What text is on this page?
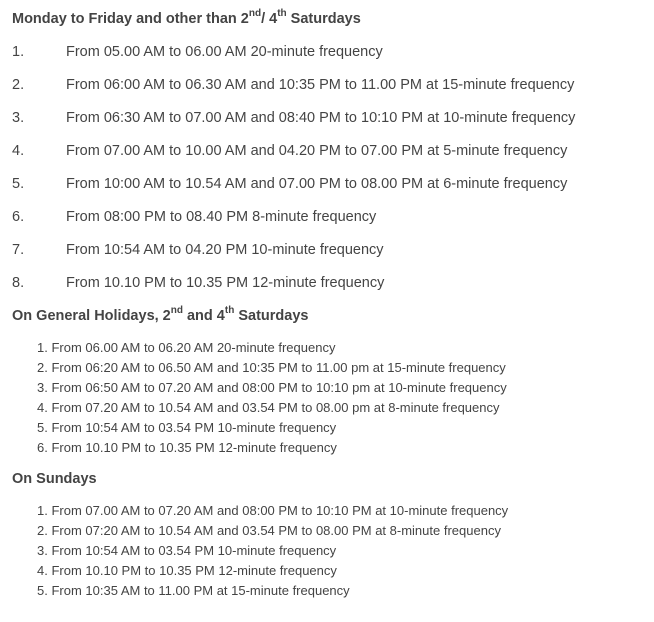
Monday to Friday and other than 2nd/ 4th Saturdays
1.	From 05.00 AM to 06.00 AM 20-minute frequency
2.	From 06:00 AM to 06.30 AM and 10:35 PM to 11.00 PM at 15-minute frequency
3.	From 06:30 AM to 07.00 AM and 08:40 PM to 10:10 PM at 10-minute frequency
4.	From 07.00 AM to 10.00 AM and 04.20 PM to 07.00 PM at 5-minute frequency
5.	From 10:00 AM to 10.54 AM and 07.00 PM to 08.00 PM at 6-minute frequency
6.	From 08:00 PM to 08.40 PM 8-minute frequency
7.	From 10:54 AM to 04.20 PM 10-minute frequency
8.	From 10.10 PM to 10.35 PM 12-minute frequency
On General Holidays, 2nd and 4th Saturdays
1. From 06.00 AM to 06.20 AM 20-minute frequency
2. From 06:20 AM to 06.50 AM and 10:35 PM to 11.00 pm at 15-minute frequency
3. From 06:50 AM to 07.20 AM and 08:00 PM to 10:10 pm at 10-minute frequency
4. From 07.20 AM to 10.54 AM and 03.54 PM to 08.00 pm at 8-minute frequency
5. From 10:54 AM to 03.54 PM 10-minute frequency
6. From 10.10 PM to 10.35 PM 12-minute frequency
On Sundays
1. From 07.00 AM to 07.20 AM and 08:00 PM to 10:10 PM at 10-minute frequency
2. From 07:20 AM to 10.54 AM and 03.54 PM to 08.00 PM at 8-minute frequency
3. From 10:54 AM to 03.54 PM 10-minute frequency
4. From 10.10 PM to 10.35 PM 12-minute frequency
5. From 10:35 AM to 11.00 PM at 15-minute frequency
